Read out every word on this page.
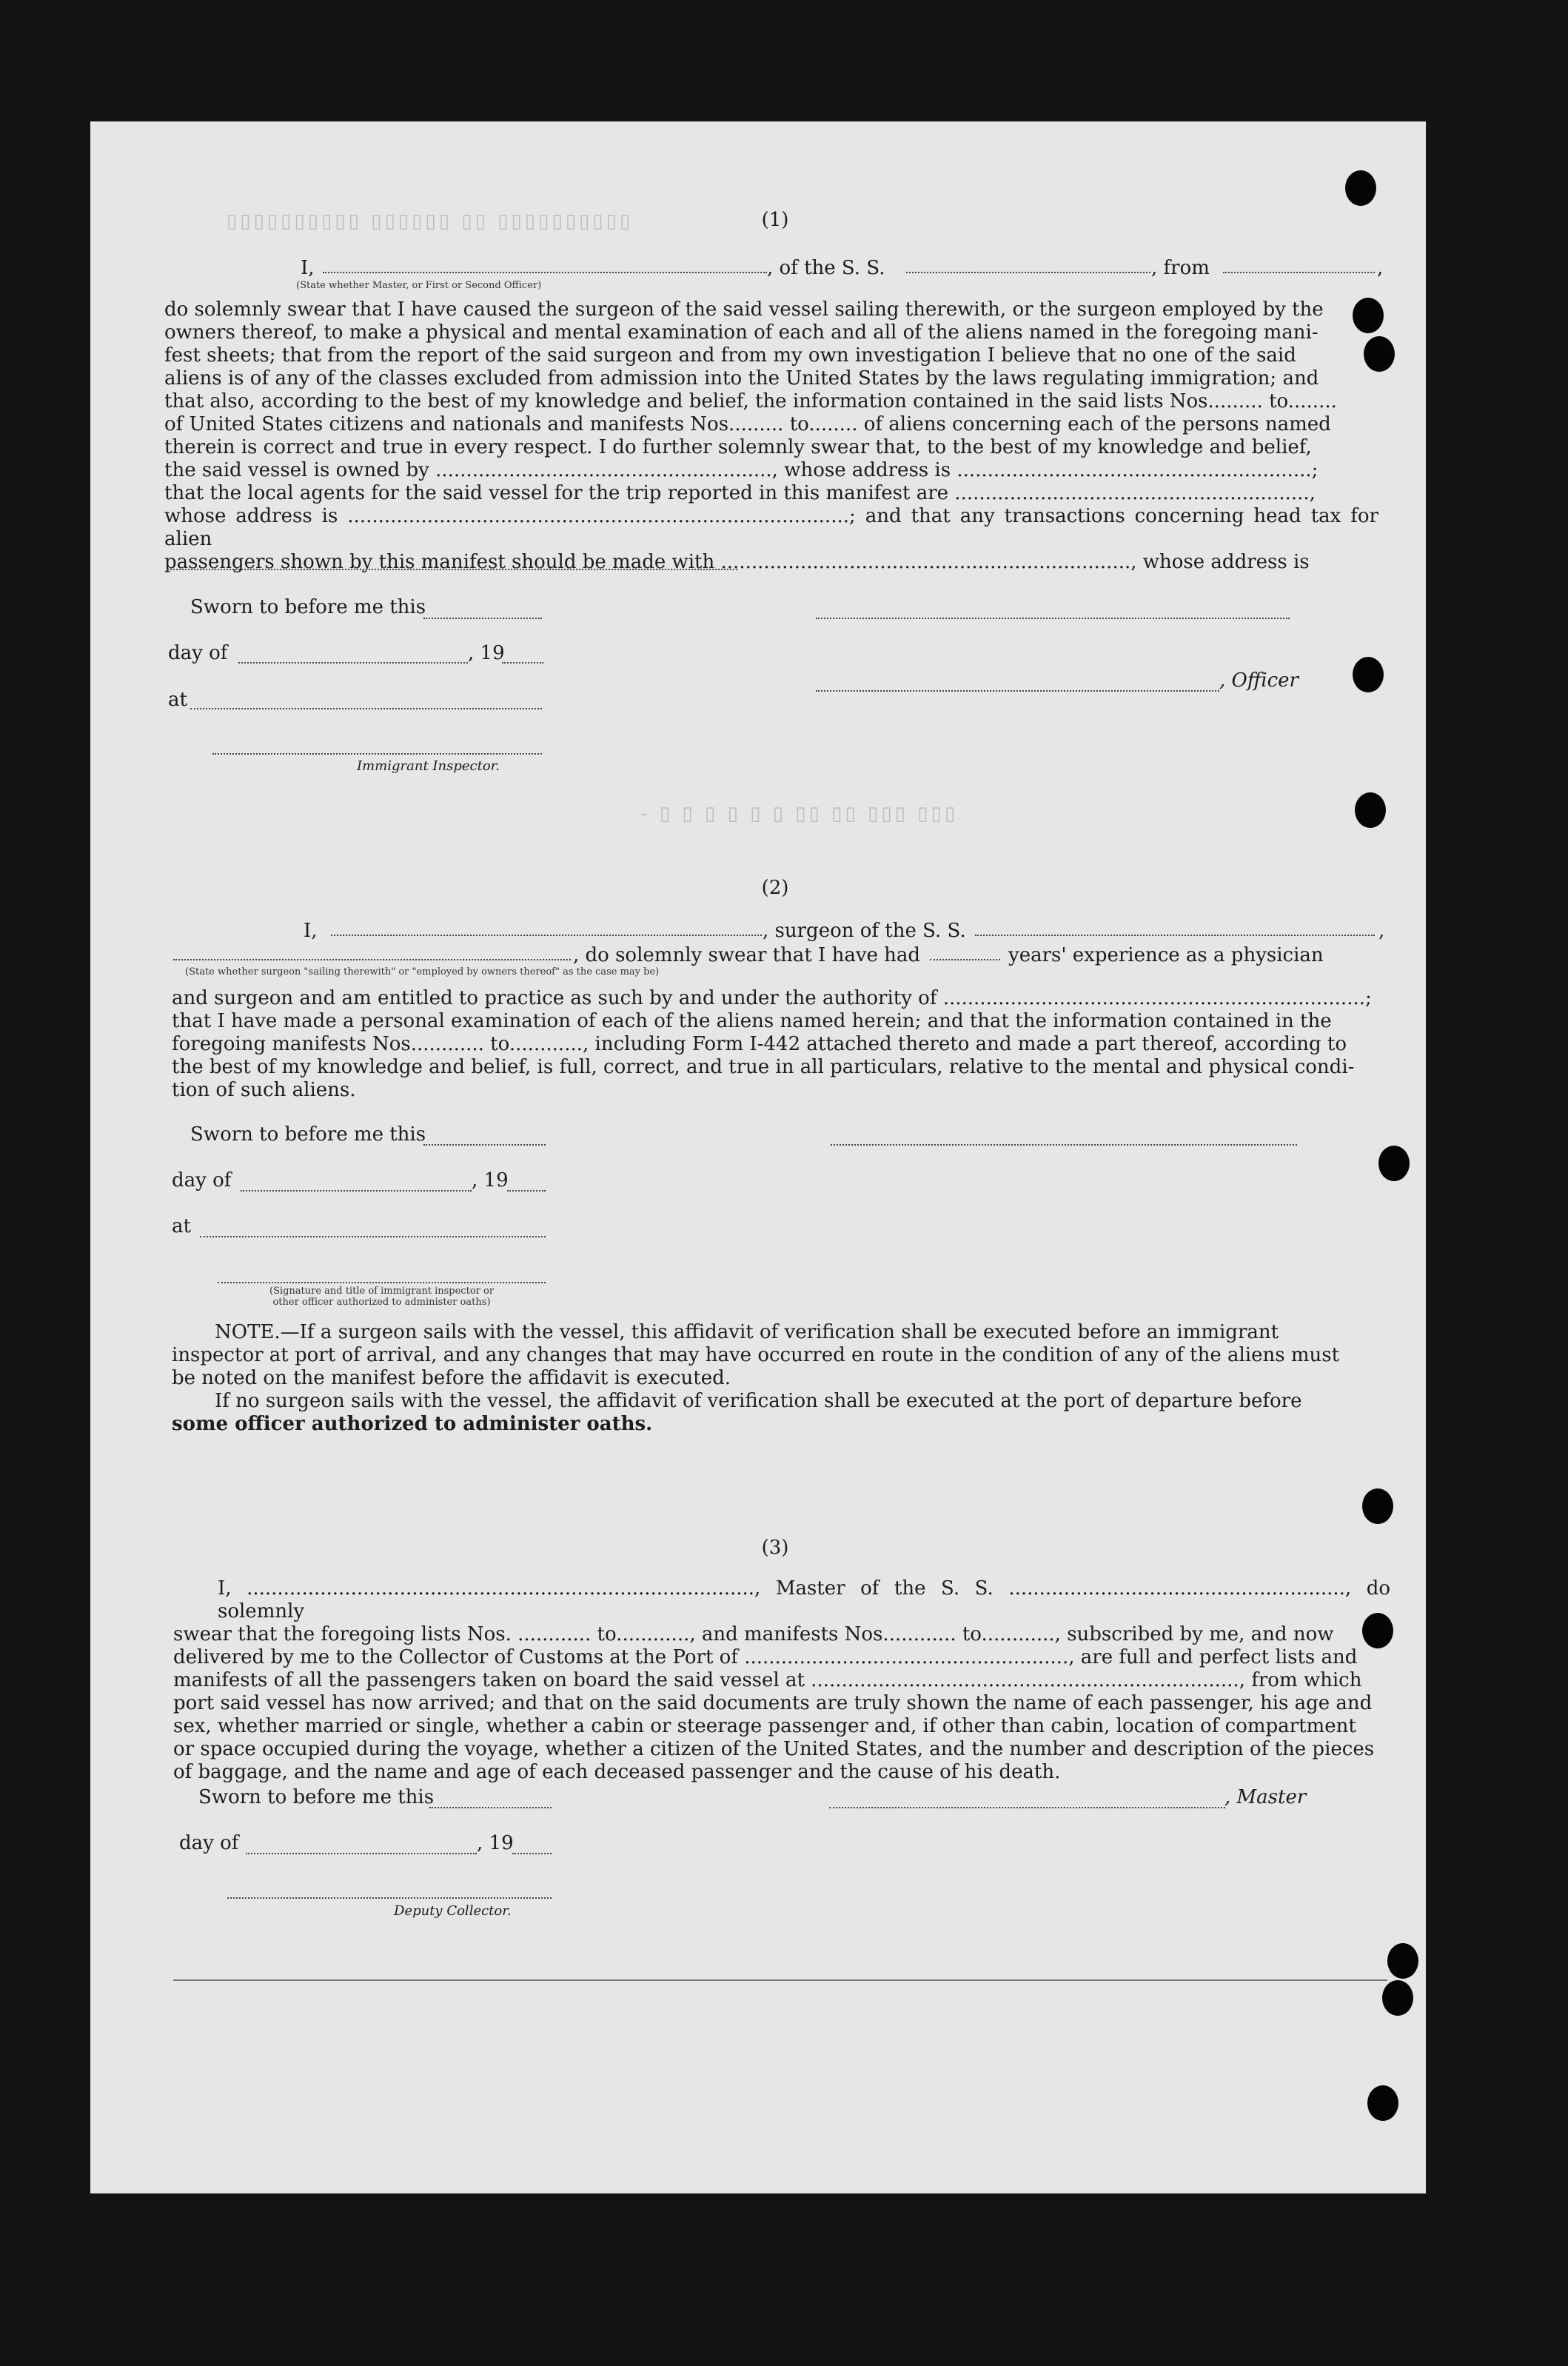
▯▯▯▯▯▯▯▯▯▯ ▯▯ ▯▯▯▯▯▯ ▯▯▯▯▯▯▯▯▯▯
▯▯▯ ▯▯▯ ▯▯ ▯▯ ▯ ▯ ▯ ▯ ▯ ▯ -
(1)
I,	, of the S. S.	, from	,
(State whether Master, or First or Second Officer)
do solemnly swear that I have caused the surgeon of the said vessel sailing therewith, or the surgeon employed by the
owners thereof, to make a physical and mental examination of each and all of the aliens named in the foregoing mani-
fest sheets; that from the report of the said surgeon and from my own investigation I believe that no one of the said
aliens is of any of the classes excluded from admission into the United States by the laws regulating immigration; and
that also, according to the best of my knowledge and belief, the information contained in the said lists Nos......... to........
of United States citizens and nationals and manifests Nos......... to........ of aliens concerning each of the persons named
therein is correct and true in every respect. I do further solemnly swear that, to the best of my knowledge and belief,
the said vessel is owned by ......................................................., whose address is ..........................................................;
that the local agents for the said vessel for the trip reported in this manifest are ..........................................................,
whose address is ..................................................................................; and that any transactions concerning head tax for alien
passengers shown by this manifest should be made with ..................................................................., whose address is
Sworn to before me this
day of	, 19
, Officer
at
Immigrant Inspector.
(2)
I,	, surgeon of the S. S.	,
, do solemnly swear that I have had	years' experience as a physician
(State whether surgeon "sailing therewith" or "employed by owners thereof" as the case may be)
and surgeon and am entitled to practice as such by and under the authority of .....................................................................;
that I have made a personal examination of each of the aliens named herein; and that the information contained in the
foregoing manifests Nos............ to............, including Form I-442 attached thereto and made a part thereof, according to
the best of my knowledge and belief, is full, correct, and true in all particulars, relative to the mental and physical condi-
tion of such aliens.
Sworn to before me this
day of	, 19
at
(Signature and title of immigrant inspector or
other officer authorized to administer oaths)
NOTE.—If a surgeon sails with the vessel, this affidavit of verification shall be executed before an immigrant
inspector at port of arrival, and any changes that may have occurred en route in the condition of any of the aliens must
be noted on the manifest before the affidavit is executed.
If no surgeon sails with the vessel, the affidavit of verification shall be executed at the port of departure before
some officer authorized to administer oaths.
(3)
I, ..................................................................................., Master of the S. S. ......................................................., do solemnly
swear that the foregoing lists Nos. ............ to............, and manifests Nos............ to............, subscribed by me, and now
delivered by me to the Collector of Customs at the Port of ....................................................., are full and perfect lists and
manifests of all the passengers taken on board the said vessel at ......................................................................, from which
port said vessel has now arrived; and that on the said documents are truly shown the name of each passenger, his age and
sex, whether married or single, whether a cabin or steerage passenger and, if other than cabin, location of compartment
or space occupied during the voyage, whether a citizen of the United States, and the number and description of the pieces
of baggage, and the name and age of each deceased passenger and the cause of his death.
Sworn to before me this	, Master
day of	, 19
Deputy Collector.
